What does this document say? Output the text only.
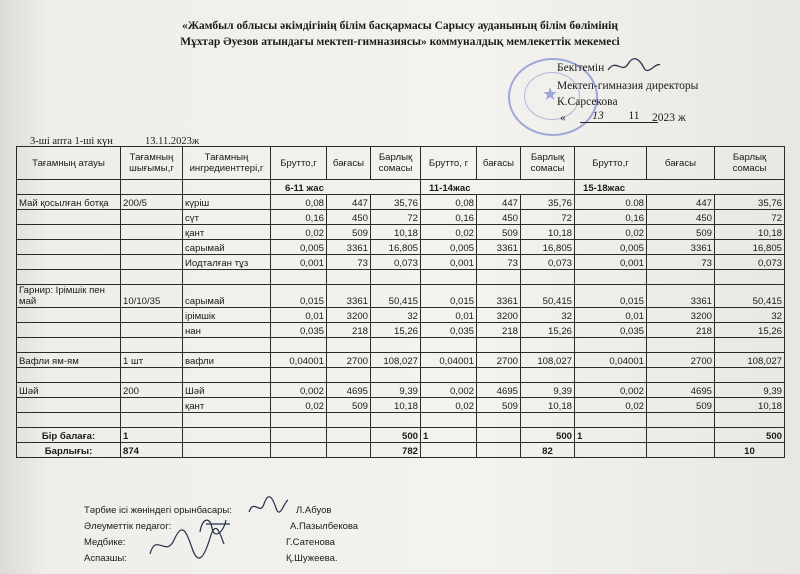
«Жамбыл облысы әкімдігінің білім басқармасы Сарысу ауданының білім бөлімінің
Мұхтар Әуезов атындағы мектеп-гимназиясы» коммуналдық мемлекеттік мекемесі
★
Бекітемін
Мектеп-гимназия директоры
К.Сарсекова
«	13	11	2023 ж
3-ші апта 1-ші күн	13.11.2023ж
Тағамның атауы	Тағамның шығымы,г	Тағамның ингредиенттері,г	Брутто,г	бағасы	Барлық сомасы	Брутто, г	бағасы	Барлық сомасы	Брутто,г	бағасы	Барлық сомасы
			6-11 жас			11-14жас			15-18жас		
Май қосылған ботқа	200/5	күріш	0,08	447	35,76	0,08	447	35,76	0.08	447	35,76
		сүт	0,16	450	72	0,16	450	72	0,16	450	72
		қант	0,02	509	10,18	0,02	509	10,18	0,02	509	10,18
		сарымай	0,005	3361	16,805	0,005	3361	16,805	0,005	3361	16,805
		Иодталған тұз	0,001	73	0,073	0,001	73	0,073	0,001	73	0,073

Гарнир: Ірімшік пен май	10/10/35	сарымай	0,015	3361	50,415	0,015	3361	50,415	0,015	3361	50,415
		ірімшік	0,01	3200	32	0,01	3200	32	0,01	3200	32
		нан	0,035	218	15,26	0,035	218	15,26	0,035	218	15,26

Вафли ям-ям	1 шт	вафли	0,04001	2700	108,027	0,04001	2700	108,027	0,04001	2700	108,027

Шәй	200	Шәй	0,002	4695	9,39	0,002	4695	9,39	0,002	4695	9,39
		қант	0,02	509	10,18	0,02	509	10,18	0,02	509	10,18

Бір балаға:	1				500	1		500	1		500
Барлығы:	874				782			82			10
Тәрбие ісі жөніндегі орынбасары:	Л.Абуов
Әлеуметтік педагог:	А.Пазылбекова
Медбике:	Г.Сатенова
Аспазшы:	Қ.Шужеева.
